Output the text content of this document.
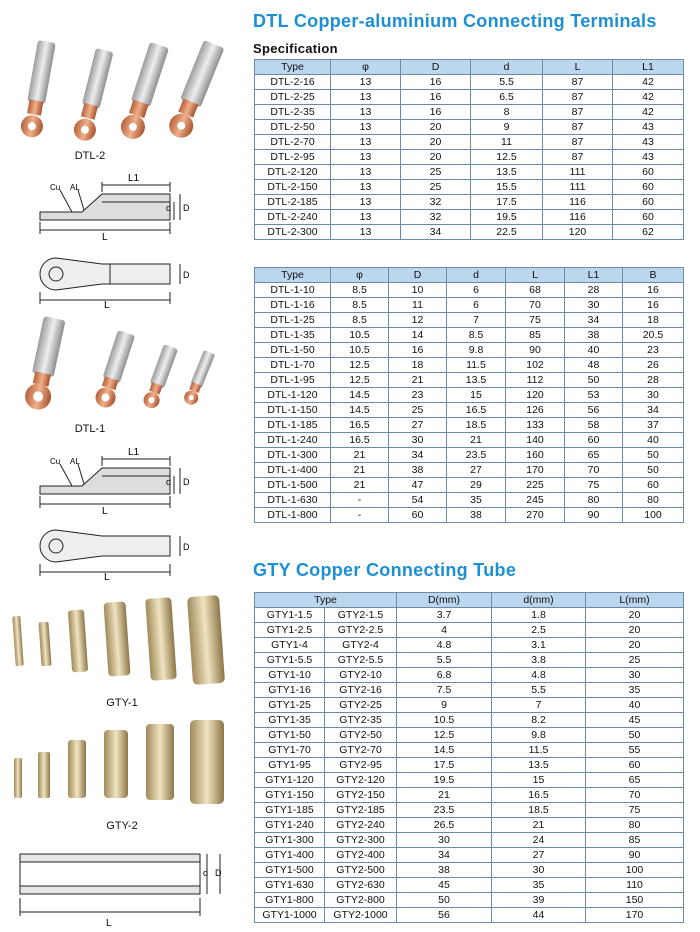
DTL Copper-aluminium Connecting Terminals
Specification
GTY Copper Connecting Tube
Type	φ	D	d	L	L1
DTL-2-16	13	16	5.5	87	42
DTL-2-25	13	16	6.5	87	42
DTL-2-35	13	16	8	87	42
DTL-2-50	13	20	9	87	43
DTL-2-70	13	20	11	87	43
DTL-2-95	13	20	12.5	87	43
DTL-2-120	13	25	13.5	111	60
DTL-2-150	13	25	15.5	111	60
DTL-2-185	13	32	17.5	116	60
DTL-2-240	13	32	19.5	116	60
DTL-2-300	13	34	22.5	120	62
Type	φ	D	d	L	L1	B
DTL-1-10	8.5	10	6	68	28	16
DTL-1-16	8.5	11	6	70	30	16
DTL-1-25	8.5	12	7	75	34	18
DTL-1-35	10.5	14	8.5	85	38	20.5
DTL-1-50	10.5	16	9.8	90	40	23
DTL-1-70	12.5	18	11.5	102	48	26
DTL-1-95	12.5	21	13.5	112	50	28
DTL-1-120	14.5	23	15	120	53	30
DTL-1-150	14.5	25	16.5	126	56	34
DTL-1-185	16.5	27	18.5	133	58	37
DTL-1-240	16.5	30	21	140	60	40
DTL-1-300	21	34	23.5	160	65	50
DTL-1-400	21	38	27	170	70	50
DTL-1-500	21	47	29	225	75	60
DTL-1-630	-	54	35	245	80	80
DTL-1-800	-	60	38	270	90	100
Type		D(mm)	d(mm)	L(mm)
GTY1-1.5	GTY2-1.5	3.7	1.8	20
GTY1-2.5	GTY2-2.5	4	2.5	20
GTY1-4	GTY2-4	4.8	3.1	20
GTY1-5.5	GTY2-5.5	5.5	3.8	25
GTY1-10	GTY2-10	6.8	4.8	30
GTY1-16	GTY2-16	7.5	5.5	35
GTY1-25	GTY2-25	9	7	40
GTY1-35	GTY2-35	10.5	8.2	45
GTY1-50	GTY2-50	12.5	9.8	50
GTY1-70	GTY2-70	14.5	11.5	55
GTY1-95	GTY2-95	17.5	13.5	60
GTY1-120	GTY2-120	19.5	15	65
GTY1-150	GTY2-150	21	16.5	70
GTY1-185	GTY2-185	23.5	18.5	75
GTY1-240	GTY2-240	26.5	21	80
GTY1-300	GTY2-300	30	24	85
GTY1-400	GTY2-400	34	27	90
GTY1-500	GTY2-500	38	30	100
GTY1-630	GTY2-630	45	35	110
GTY1-800	GTY2-800	50	39	150
GTY1-1000	GTY2-1000	56	44	170
DTL-2
L1
L
Cu AL
d D
L
D
DTL-1
L1
L
Cu AL
d D
L
D
GTY-1
GTY-2
L
d D
